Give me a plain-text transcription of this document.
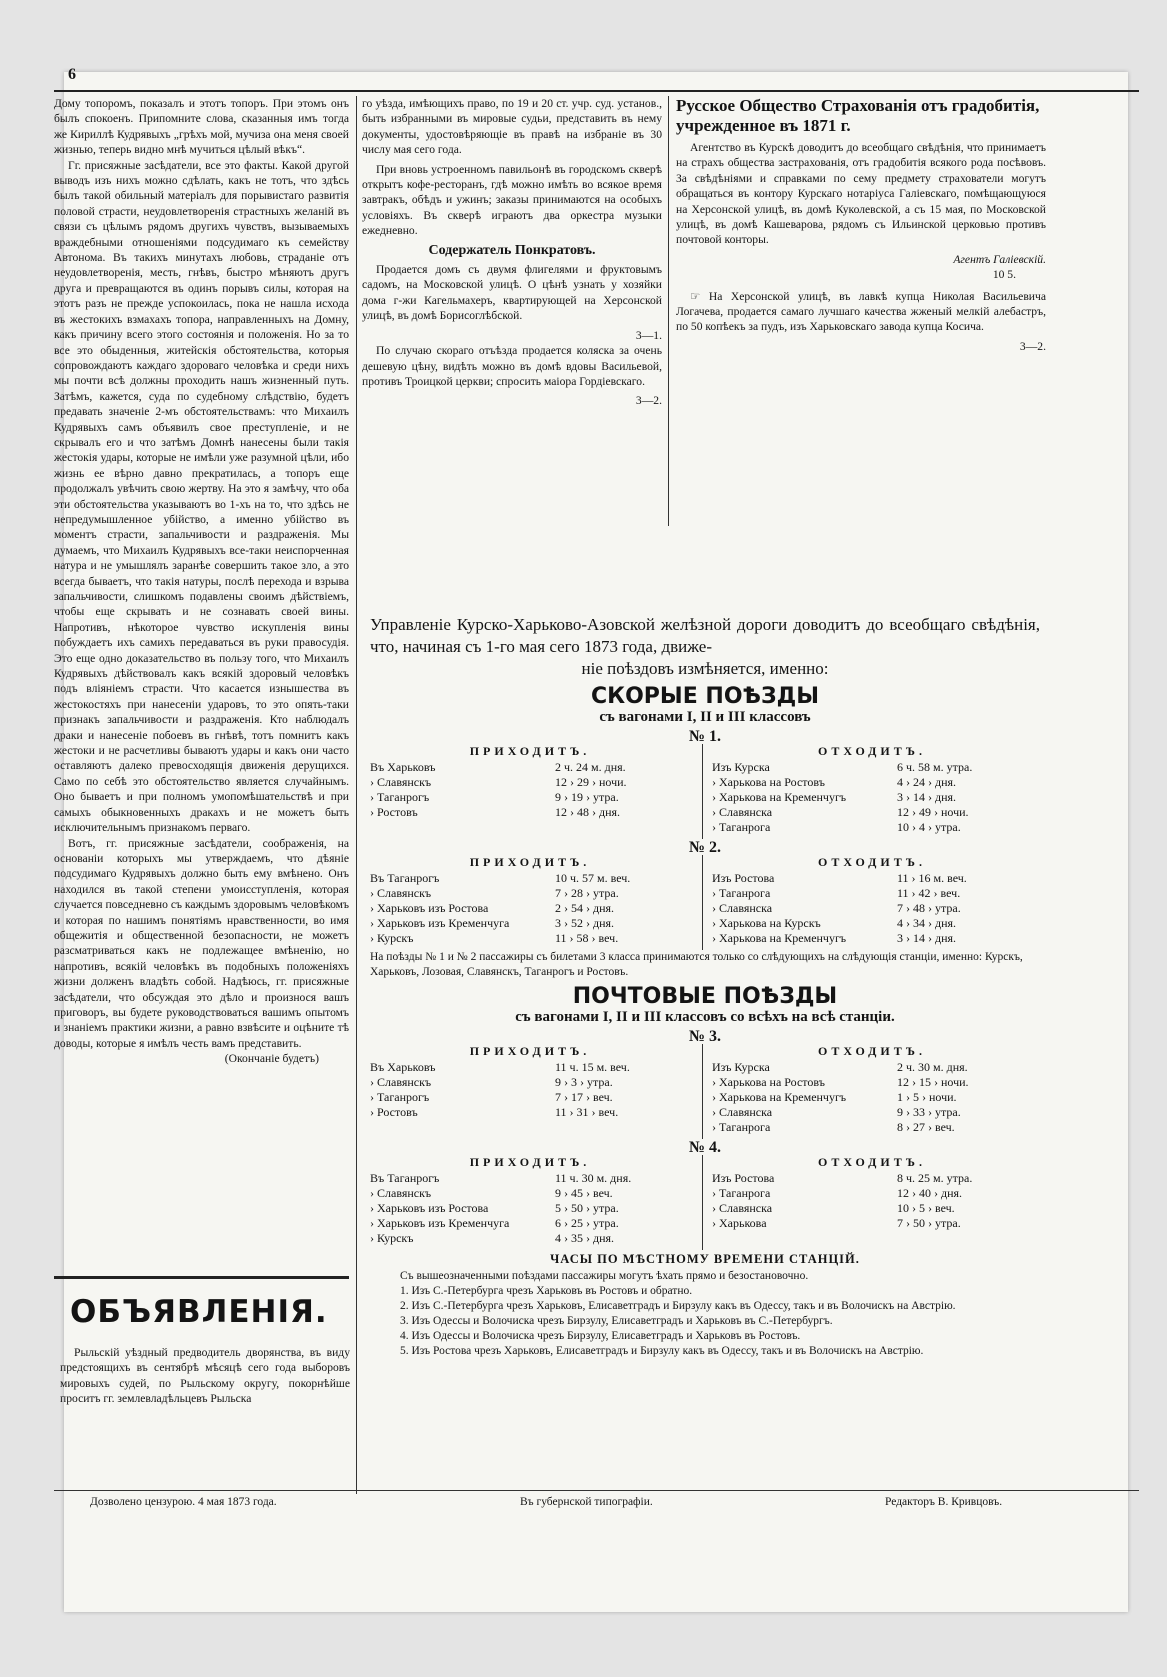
6

Дому топоромъ, показалъ и этотъ топоръ. При этомъ онъ былъ спокоенъ. Припомните слова, сказанныя имъ тогда же Кириллѣ Кудрявыхъ „грѣхъ мой, мучиза она меня своей жизнью, теперь видно мнѣ мучиться цѣлый вѣкъ“.

Гг. присяжные засѣдатели, все это факты. Какой другой выводъ изъ нихъ можно сдѣлать, какъ не тотъ, что здѣсь былъ такой обильный матеріалъ для порывистаго развитія половой страсти, неудовлетворенія страстныхъ желаній въ связи съ цѣлымъ рядомъ другихъ чувствъ, вызываемыхъ враждебными отношеніями подсудимаго къ семейству Автонома. Въ такихъ минутахъ любовь, страданіе отъ неудовлетворенія, месть, гнѣвъ, быстро мѣняютъ другъ друга и превращаются въ одинъ порывъ силы, которая на этотъ разъ не прежде успокоилась, пока не нашла исхода въ жестокихъ взмахахъ топора, направленныхъ на Домну, какъ причину всего этого состоянія и положенія. Но за то все это обыденныя, житейскія обстоятельства, которыя сопровождаютъ каждаго здороваго человѣка и среди нихъ мы почти всѣ должны проходить нашъ жизненный путь. Затѣмъ, кажется, суда по судебному слѣдствію, будетъ предавать значеніе 2-мъ обстоятельствамъ: что Михаилъ Кудрявыхъ самъ объявилъ свое преступленіе, и не скрывалъ его и что затѣмъ Домнѣ нанесены были такія жестокія удары, которые не имѣли уже разумной цѣли, ибо жизнь ее вѣрно давно прекратилась, а топоръ еще продолжалъ увѣчить свою жертву. На это я замѣчу, что оба эти обстоятельства указываютъ во 1-хъ на то, что здѣсь не непредумышленное убійство, а именно убійство въ моментъ страсти, запальчивости и раздраженія. Мы думаемъ, что Михаилъ Кудрявыхъ все-таки неиспорченная натура и не умышлялъ заранѣе совершить такое зло, а это всегда бываетъ, что такія натуры, послѣ перехода и взрыва запальчивости, слишкомъ подавлены своимъ дѣйствіемъ, чтобы еще скрывать и не сознавать своей вины. Напротивъ, нѣкоторое чувство искупленія вины побуждаетъ ихъ самихъ передаваться въ руки правосудія. Это еще одно доказательство въ пользу того, что Михаилъ Кудрявыхъ дѣйствовалъ какъ всякій здоровый человѣкъ подъ вліяніемъ страсти. Что касается изнышества въ жестокостяхъ при нанесеніи ударовъ, то это опять-таки признакъ запальчивости и раздраженія. Кто наблюдалъ драки и нанесеніе побоевъ въ гнѣвѣ, тотъ помнитъ какъ жестоки и не расчетливы бываютъ удары и какъ они часто оставляютъ далеко превосходящія движенія дерущихся. Само по себѣ это обстоятельство является случайнымъ. Оно бываетъ и при полномъ умопомѣшательствѣ и при самыхъ обыкновенныхъ дракахъ и не можетъ быть исключительнымъ признакомъ перваго.

Вотъ, гг. присяжные засѣдатели, соображенія, на основаніи которыхъ мы утверждаемъ, что дѣяніе подсудимаго Кудрявыхъ должно быть ему вмѣнено. Онъ находился въ такой степени умоисступленія, которая случается повседневно съ каждымъ здоровымъ человѣкомъ и которая по нашимъ понятіямъ нравственности, во имя общежитія и общественной безопасности, не можетъ разсматриваться какъ не подлежащее вмѣненію, но напротивъ, всякій человѣкъ въ подобныхъ положеніяхъ жизни долженъ владѣть собой. Надѣюсь, гг. присяжные засѣдатели, что обсуждая это дѣло и произнося вашъ приговоръ, вы будете руководствоваться вашимъ опытомъ и знаніемъ практики жизни, а равно взвѣсите и оцѣните тѣ доводы, которые я имѣлъ честь вамъ представить.

(Окончаніе будетъ)
ОБЪЯВЛЕНІЯ.

Рыльскій уѣздный предводитель дворянства, въ виду предстоящихъ въ сентябрѣ мѣсяцѣ сего года выборовъ мировыхъ судей, по Рыльскому округу, покорнѣйше проситъ гг. землевладѣльцевъ Рыльска

го уѣзда, имѣющихъ право, по 19 и 20 ст. учр. суд. установ., быть избранными въ мировые судьи, представить въ нему документы, удостовѣряющіе въ правѣ на избраніе въ 30 числу мая сего года.

При вновь устроенномъ павильонѣ въ городскомъ скверѣ открытъ кофе-ресторанъ, гдѣ можно имѣть во всякое время завтракъ, обѣдъ и ужинъ; заказы принимаются на особыхъ условіяхъ. Въ скверѣ играютъ два оркестра музыки ежедневно.

Содержатель Понкратовъ.

Продается домъ съ двумя флигелями и фруктовымъ садомъ, на Московской улицѣ. О цѣнѣ узнать у хозяйки дома г-жи Кагельмахеръ, квартирующей на Херсонской улицѣ, въ домѣ Борисоглѣбской.

3—1.

По случаю скораго отъѣзда продается коляска за очень дешевую цѣну, видѣть можно въ домѣ вдовы Васильевой, противъ Троицкой церкви; спросить маіора Гордіевскаго.

3—2.
Русское Общество Страхованія отъ градобитія, учрежденное въ 1871 г.

Агентство въ Курскѣ доводитъ до всеобщаго свѣдѣнія, что принимаетъ на страхъ общества застрахованія, отъ градобитія всякого рода посѣвовъ. За свѣдѣніями и справками по сему предмету страхователи могутъ обращаться въ контору Курскаго нотаріуса Галіевскаго, помѣщающуюся на Херсонской улицѣ, въ домѣ Куколевской, а съ 15 мая, по Московской улицѣ, въ домѣ Кашеварова, рядомъ съ Ильинской церковью противъ почтовой конторы.

Агентъ Галіевскій.
10 5.

☞ На Херсонской улицѣ, въ лавкѣ купца Николая Васильевича Логачева, продается самаго лучшаго качества жженый мелкій алебастръ, по 50 копѣекъ за пудъ, изъ Харьковскаго завода купца Косича.

3—2.
Управленіе Курско-Харьково-Азовской желѣзной дороги доводитъ до всеобщаго свѣдѣнія, что, начиная съ 1-го мая сего 1873 года, движе-
ніе поѣздовъ измѣняется, именно:
СКОРЫЕ ПОѢЗДЫ
съ вагонами I, II и III классовъ
№ 1.
ПРИХОДИТЪ.
Въ Харьковъ	2 ч. 24 м. дня.
› Славянскъ	12 › 29 › ночи.
› Таганрогъ	9 › 19 › утра.
› Ростовъ	12 › 48 › дня.
ОТХОДИТЪ.
Изъ Курска	6 ч. 58 м. утра.
› Харькова на Ростовъ	4 › 24 › дня.
› Харькова на Кременчугъ	3 › 14 › дня.
› Славянска	12 › 49 › ночи.
› Таганрога	10 › 4 › утра.
№ 2.
ПРИХОДИТЪ.
Въ Таганрогъ	10 ч. 57 м. веч.
› Славянскъ	7 › 28 › утра.
› Харьковъ изъ Ростова	2 › 54 › дня.
› Харьковъ изъ Кременчуга	3 › 52 › дня.
› Курскъ	11 › 58 › веч.
ОТХОДИТЪ.
Изъ Ростова	11 › 16 м. веч.
› Таганрога	11 › 42 › веч.
› Славянска	7 › 48 › утра.
› Харькова на Курскъ	4 › 34 › дня.
› Харькова на Кременчугъ	3 › 14 › дня.
На поѣзды № 1 и № 2 пассажиры съ билетами 3 класса принимаются только со слѣдующихъ на слѣдующія станціи, именно: Курскъ, Харьковъ, Лозовая, Славянскъ, Таганрогъ и Ростовъ.
ПОЧТОВЫЕ ПОѢЗДЫ
съ вагонами I, II и III классовъ со всѣхъ на всѣ станціи.
№ 3.
ПРИХОДИТЪ.
Въ Харьковъ	11 ч. 15 м. веч.
› Славянскъ	9 › 3 › утра.
› Таганрогъ	7 › 17 › веч.
› Ростовъ	11 › 31 › веч.
ОТХОДИТЪ.
Изъ Курска	2 ч. 30 м. дня.
› Харькова на Ростовъ	12 › 15 › ночи.
› Харькова на Кременчугъ	1 › 5 › ночи.
› Славянска	9 › 33 › утра.
› Таганрога	8 › 27 › веч.
№ 4.
ПРИХОДИТЪ.
Въ Таганрогъ	11 ч. 30 м. дня.
› Славянскъ	9 › 45 › веч.
› Харьковъ изъ Ростова	5 › 50 › утра.
› Харьковъ изъ Кременчуга	6 › 25 › утра.
› Курскъ	4 › 35 › дня.
ОТХОДИТЪ.
Изъ Ростова	8 ч. 25 м. утра.
› Таганрога	12 › 40 › дня.
› Славянска	10 › 5 › веч.
› Харькова	7 › 50 › утра.
ЧАСЫ ПО МѢСТНОМУ ВРЕМЕНИ СТАНЦІЙ.

Съ вышеозначенными поѣздами пассажиры могутъ ѣхать прямо и безостановочно.

1. Изъ С.-Петербурга чрезъ Харьковъ въ Ростовъ и обратно.

2. Изъ С.-Петербурга чрезъ Харьковъ, Елисаветградъ и Бирзулу какъ въ Одессу, такъ и въ Волочискъ на Австрію.

3. Изъ Одессы и Волочиска чрезъ Бирзулу, Елисаветградъ и Харьковъ въ С.-Петербургъ.

4. Изъ Одессы и Волочиска чрезъ Бирзулу, Елисаветградъ и Харьковъ въ Ростовъ.

5. Изъ Ростова чрезъ Харьковъ, Елисаветградъ и Бирзулу какъ въ Одессу, такъ и въ Волочискъ на Австрію.

Дозволено цензурою. 4 мая 1873 года.	Въ губернской типографіи.	Редакторъ В. Кривцовъ.
